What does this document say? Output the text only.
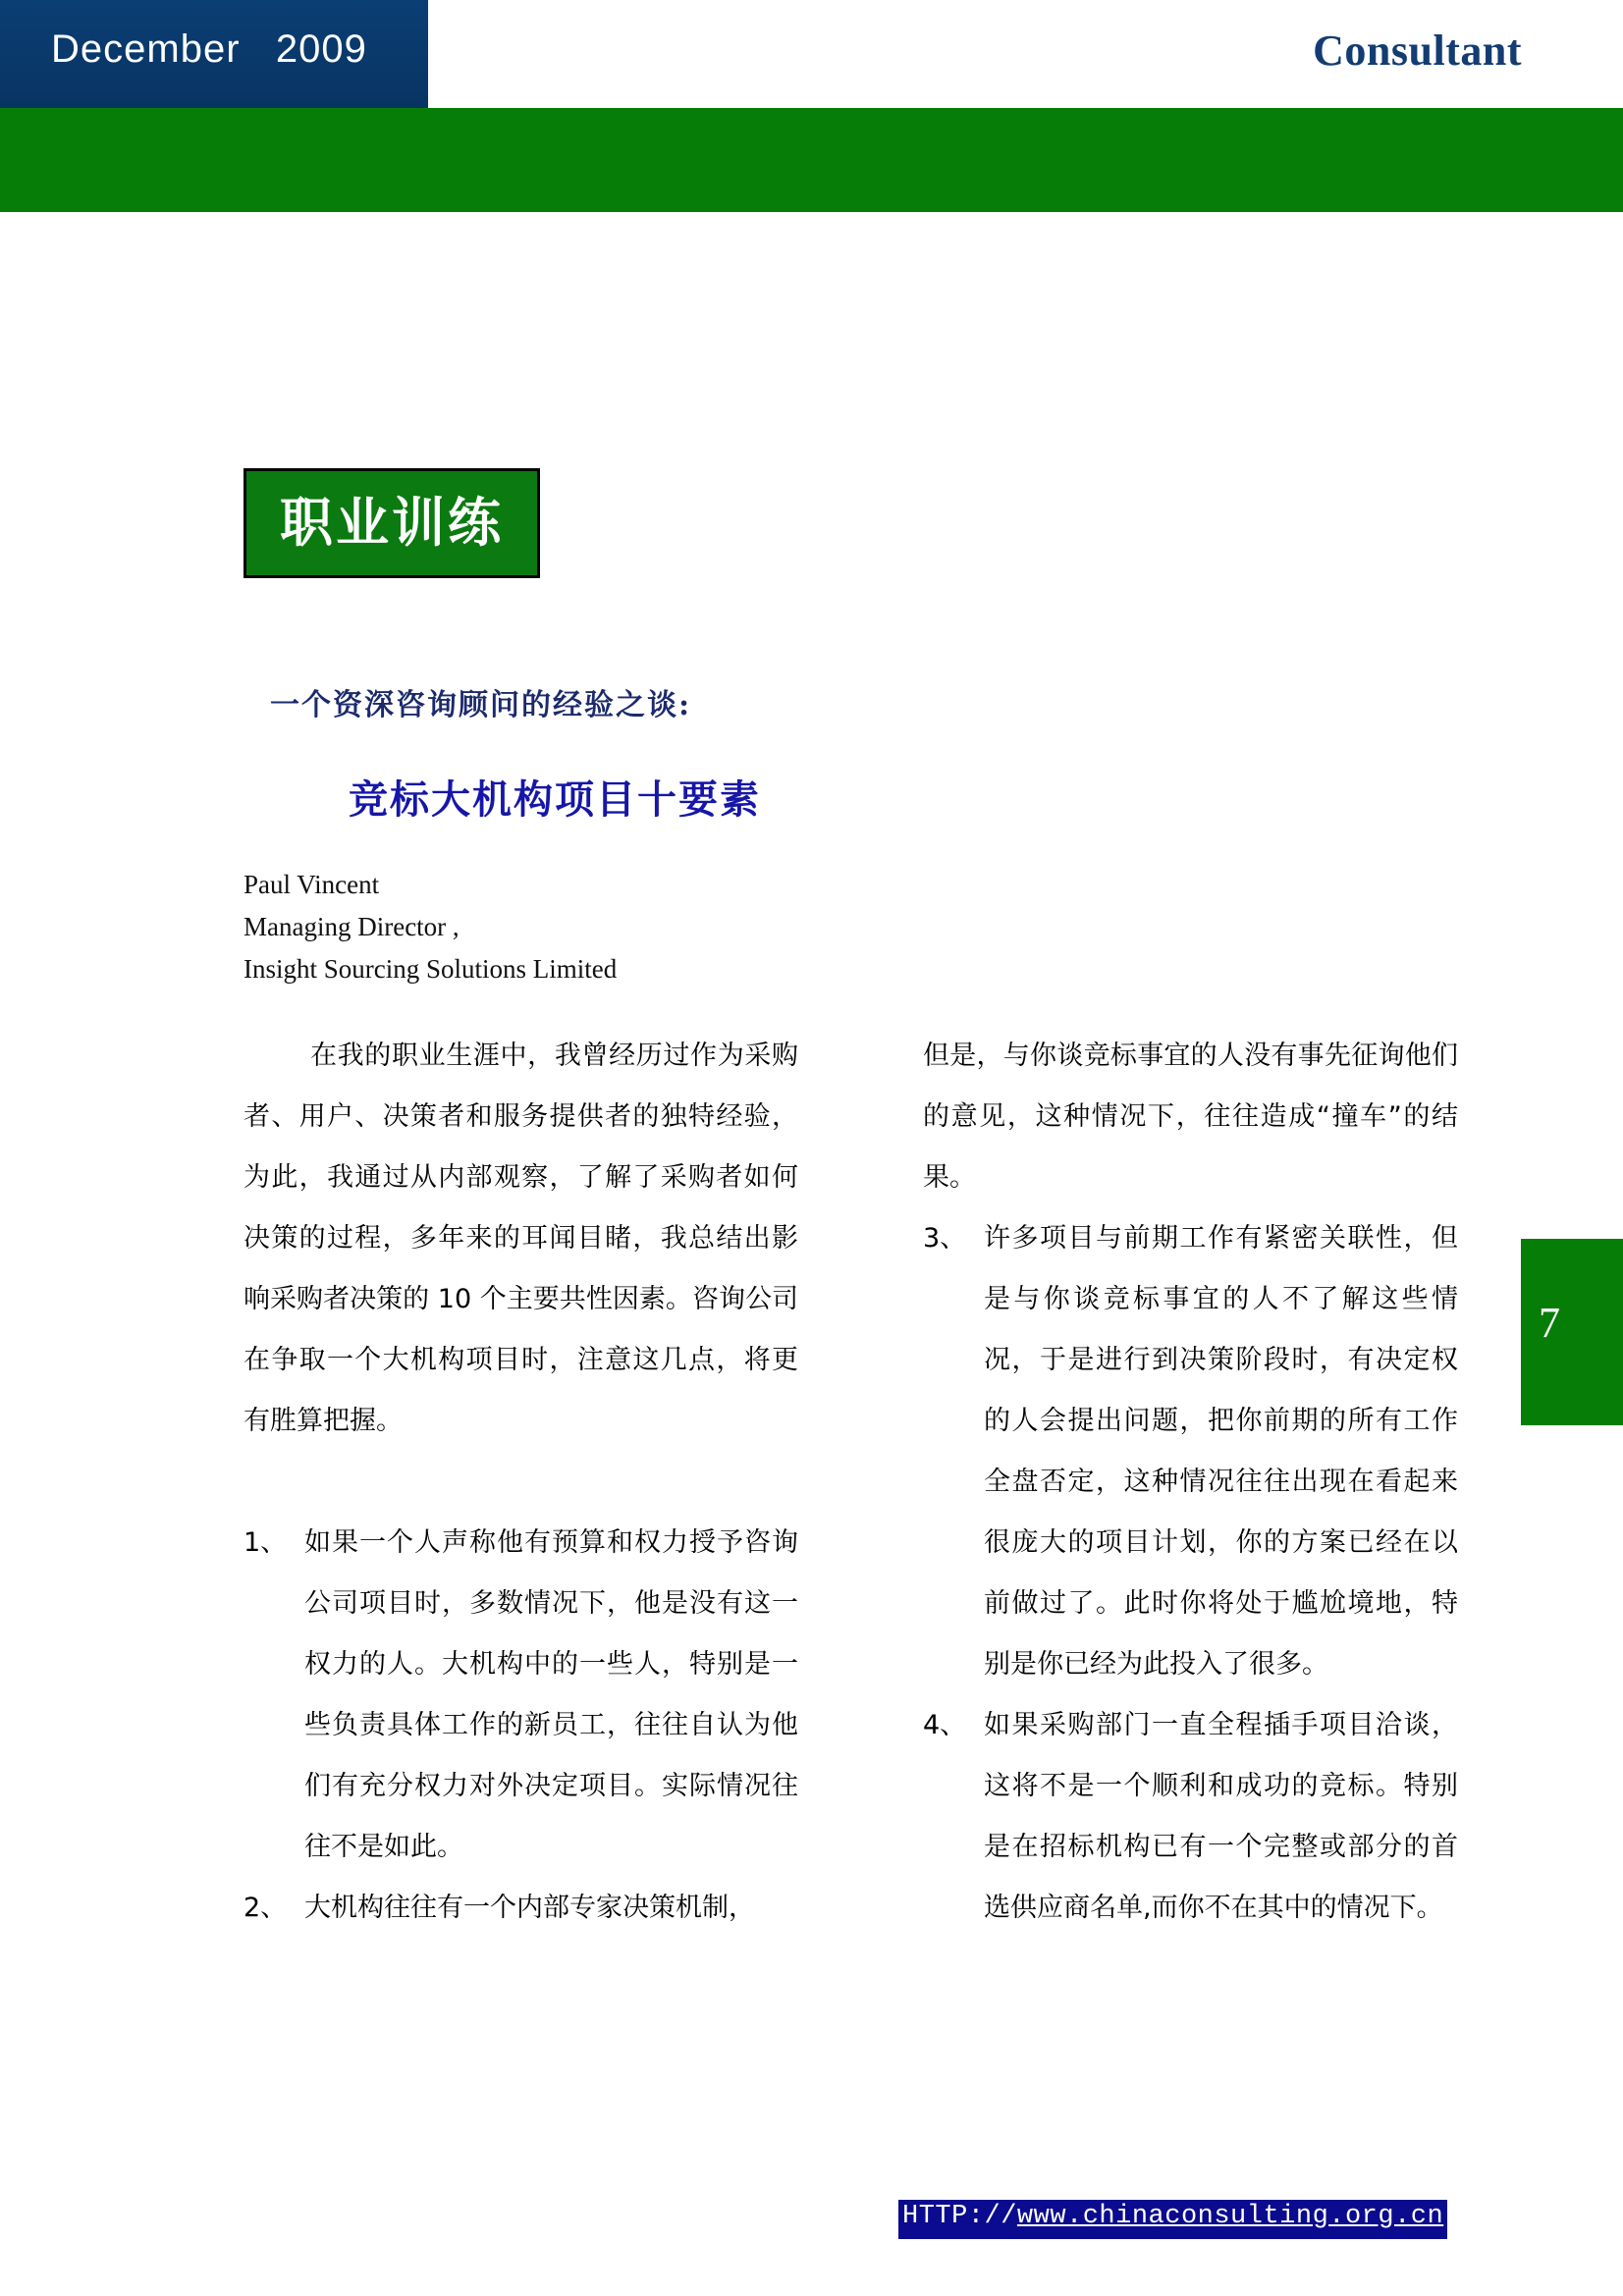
December   2009	Consultant
职业训练
一个资深咨询顾问的经验之谈:
竞标大机构项目十要素
Paul Vincent
Managing Director ,
Insight Sourcing Solutions Limited

在我的职业生涯中，我曾经历过作为采购者、用户、决策者和服务提供者的独特经验，为此，我通过从内部观察，了解了采购者如何决策的过程，多年来的耳闻目睹，我总结出影响采购者决策的 10 个主要共性因素。咨询公司在争取一个大机构项目时，注意这几点，将更有胜算把握。

1、 如果一个人声称他有预算和权力授予咨询公司项目时，多数情况下，他是没有这一权力的人。大机构中的一些人，特别是一些负责具体工作的新员工，往往自认为他们有充分权力对外决定项目。实际情况往往不是如此。
2、 大机构往往有一个内部专家决策机制，

但是，与你谈竞标事宜的人没有事先征询他们的意见，这种情况下，往往造成“撞车”的结果。

3、 许多项目与前期工作有紧密关联性，但是与你谈竞标事宜的人不了解这些情况，于是进行到决策阶段时，有决定权的人会提出问题，把你前期的所有工作全盘否定，这种情况往往出现在看起来很庞大的项目计划，你的方案已经在以前做过了。此时你将处于尴尬境地，特别是你已经为此投入了很多。
4、 如果采购部门一直全程插手项目洽谈，这将不是一个顺利和成功的竞标。特别是在招标机构已有一个完整或部分的首选供应商名单,而你不在其中的情况下。
7
HTTP://www.chinaconsulting.org.cn
